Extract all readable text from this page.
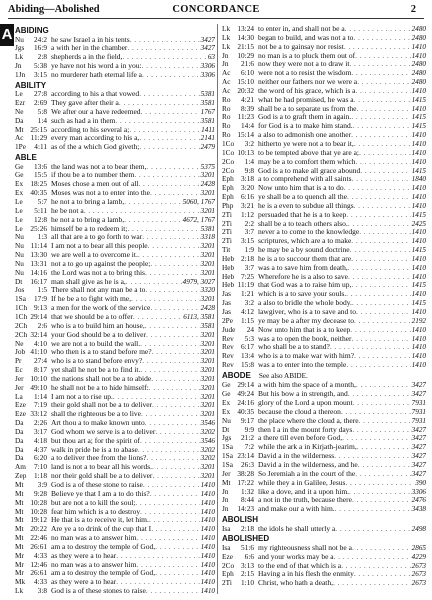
Abiding—Abolished	CONCORDANCE	2
A ABIDING
Nu 24:2 he saw Israel a in his tents . . .	3427
Jgs 16:9 a with her in the chamber . . .	3427
Lk 2:8 shepherds a in the field, . . .	63
Jn 5:38 ye have not his word a in you: . . .	3306
1Jn 3:15 no murderer hath eternal life a . . .	3306
ABILITY
Le 27:8 according to his a that vowed . . .	5381
Ezr 2:69 They gave after their a . . .	3581
Ne 5:8 We after our a have redeemed . . .	1767
Da 1:4 such as had a in them . . .	3581
Mt 25:15 according to his several a; . . .	1411
Ac 11:29 every man according to his a, . . .	2141
1Pe 4:11 as of the a which God giveth; . . .	2479
ABLE
Ge 13:6 the land was not a to bear them, . . .	5375
Ge 15:5 if thou be a to number them . . .	3201
Ex 18:25 Moses chose a men out of all . . .	2428
Ex 40:35 Moses was not a to enter into the . . .	3201
Le 5:7 he not a to bring a lamb, . . .	5060, 1767
Le 5:11 he be not a . . .	3201
Le 12:8 he not a to bring a lamb, . . .	4672, 1767
Le 25:26 himself be a to redeem it; . . .	5381
Nu 1:3 all that are a to go forth to war . . .	3318
Nu 11:14 I am not a to bear all this people . . .	3201
Nu 13:30 we are well a to overcome it. . . .	3201
Nu 13:31 not a to go up against the people; . . .	3201
Nu 14:16 the Lord was not a to bring this . . .	3201
Dt 16:17 man shall give as he is a, . . .	4979, 3027
Jos 1:5 There shall not any man be a to . . .	3320
1Sa 17:9 If he be a to fight with me, . . .	3201
1Ch 9:13 a men for the work of the service . . .	2428
1Ch 29:14 that we should be a to offer . . .	6113, 3581
2Ch 2:6 who is a to build him an house, . . .	3581
2Ch 32:14 your God should be a to deliver . . .	3201
Ne 4:10 we are not a to build the wall. . . .	3201
Job 41:10 who then is a to stand before me? . . .	3201
Pr 27:4 who is a to stand before envy? . . .	3201
Ec 8:17 yet shall he not be a to find it. . . .	3201
Jer 10:10 the nations shall not be a to abide . . .	3201
Jer 49:10 he shall not be a to hide himself: . . .	3201
La 1:14 I am not a to rise up. . . .	3201
Eze 7:19 their gold shall not be a to deliver . . .	3201
Eze 33:12 shall the righteous be a to live . . .	3201
Da 2:26 Art thou a to make known unto . . .	3546
Da 3:17 God whom we serve is a to deliver . . .	3202
Da 4:18 but thou art a; for the spirit of . . .	3546
Da 4:37 walk in pride he is a to abase . . .	3202
Da 6:20 a to deliver thee from the lions? . . .	3202
Am 7:10 land is not a to bear all his words. . . .	3201
Zep 1:18 nor their gold shall be a to deliver . . .	3201
Mt 3:9 God is a of these stone to raise . . .	1410
Mt 9:28 Believe ye that I am a to do this? . . .	1410
Mt 10:28 but are not a to kill the soul; . . .	1410
Mt 10:28 fear him which is a to destroy . . .	1410
Mt 19:12 He that is a to receive it, let him. . . .	1410
Mt 20:22 Are ye a to drink of the cup that I . . .	1410
Mt 22:46 no man was a to answer him . . .	1410
Mt 26:61 am a to destroy the temple of God, . . .	1410
Mr 4:33 as they were a to hear . . .	1410
Mr 12:46 no man was a to answer him . . .	1410
Mr 26:61 am a to destroy the temple of God, . . .	1410
Mk 4:33 as they were a to hear . . .	1410
Lk 3:8 God is a of these stones to raise . . .	1410
Lk 13:24 to enter in, and shall not be a . . .	2480
Lk 14:30 began to build, and was not a to . . .	2480
Lk 21:15 not be a to gainsay nor resist . . .	1410
Jn 10:29 no man is a to pluck them out of . . .	1410
Jn 21:6 now they were not a to draw it . . .	2480
Ac 6:10 were not a to resist the wisdom . . .	2480
Ac 15:10 neither our fathers nor we were a . . .	2480
Ac 20:32 the word of his grace, which is a . . .	1410
Ro 4:21 what he had promised, he was a . . .	1415
Ro 8:39 shall be a to separate us from the . . .	1410
Ro 11:23 God is a to graft them in again. . . .	1415
Ro 14:4 for God is a to make him stand. . . .	1415
Ro 15:14 a also to admonish one another . . .	1410
1Co 3:2 hitherto ye were not a to bear it, . . .	1410
1Co 10:13 to be tempted above that ye are a; . . .	1410
2Co 1:4 may be a to comfort them which . . .	1410
2Co 9:8 God is a to make all grace abound . . .	1415
Eph 3:18 a to comprehend with all saints . . .	1840
Eph 3:20 Now unto him that is a to do . . .	1410
Eph 6:16 ye shall be a to quench all the . . .	1410
Php 3:21 he is a even to subdue all things . . .	1410
2Ti 1:12 persuaded that he is a to keep . . .	1415
2Ti 2:2 shall be a to teach others also. . . .	2425
2Ti 3:7 never a to come to the knowledge . . .	1410
2Ti 3:15 scriptures, which are a to make . . .	1410
Tit 1:9 he may be a by sound doctrine . . .	1415
Heb 2:18 he is a to succour them that are . . .	1410
Heb 3:7 was a to save him from death, . . .	1410
Heb 7:25 Wherefore he is a also to save . . .	1410
Heb 11:19 that God was a to raise him up, . . .	1415
Jas 1:21 which is a to save your souls. . . .	1410
Jas 3:2 a also to bridle the whole body. . . .	1415
Jas 4:12 lawgiver, who is a to save and to . . .	1410
2Pe 1:15 ye may be a after my decease to . . .	2192
Jude 24 Now unto him that is a to keep . . .	1410
Rev 5:3 was a to open the book, neither . . .	1410
Rev 6:17 who shall be a to stand? . . .	1410
Rev 13:4 who is a to make war with him? . . .	1410
Rev 15:8 was a to enter into the temple . . .	1410
ABODE  See also ABIDE.
Ge 29:14 a with him the space of a month, . . .	3427
Ge 49:24 But his bow a in strength, and . . .	3427
Ex 24:16 glory of the Lord a upon mount . . .	7931
Ex 40:35 because the cloud a thereon . . .	7931
Nu 9:17 the place where the cloud a, there . . .	7931
Dt 9:9 then I a in the mount forty days . . .	3427
Jgs 21:2 a there till even before God, . . .	3427
1Sa 7:2 while the ark a in Kirjath-jearim, . . .	3427
1Sa 23:14 David a in the wilderness . . .	3427
1Sa 26:3 David a in the wilderness, and he . . .	3427
Jer 38:28 So Jeremiah a in the court of the . . .	3427
Mt 17:22 while they a in Galilee, Jesus . . .	390
Jn 1:32 like a dove, and it a upon him. . . .	3306
Jn 8:44 a not in the truth, because there . . .	2476
Jn 14:23 and make our a with him. . . .	3438
ABOLISH
Isa 2:18 the idols he shall utterly a . . .	2498
ABOLISHED
Isa 51:6 my righteousness shall not be a . . .	2865
Eze 6:6 and your works may be a . . .	4229
2Co 3:13 to the end of that which is a . . .	2673
Eph 2:15 Having a in his flesh the enmity . . .	2673
2Ti 1:10 Christ, who hath a death, . . .	2673
